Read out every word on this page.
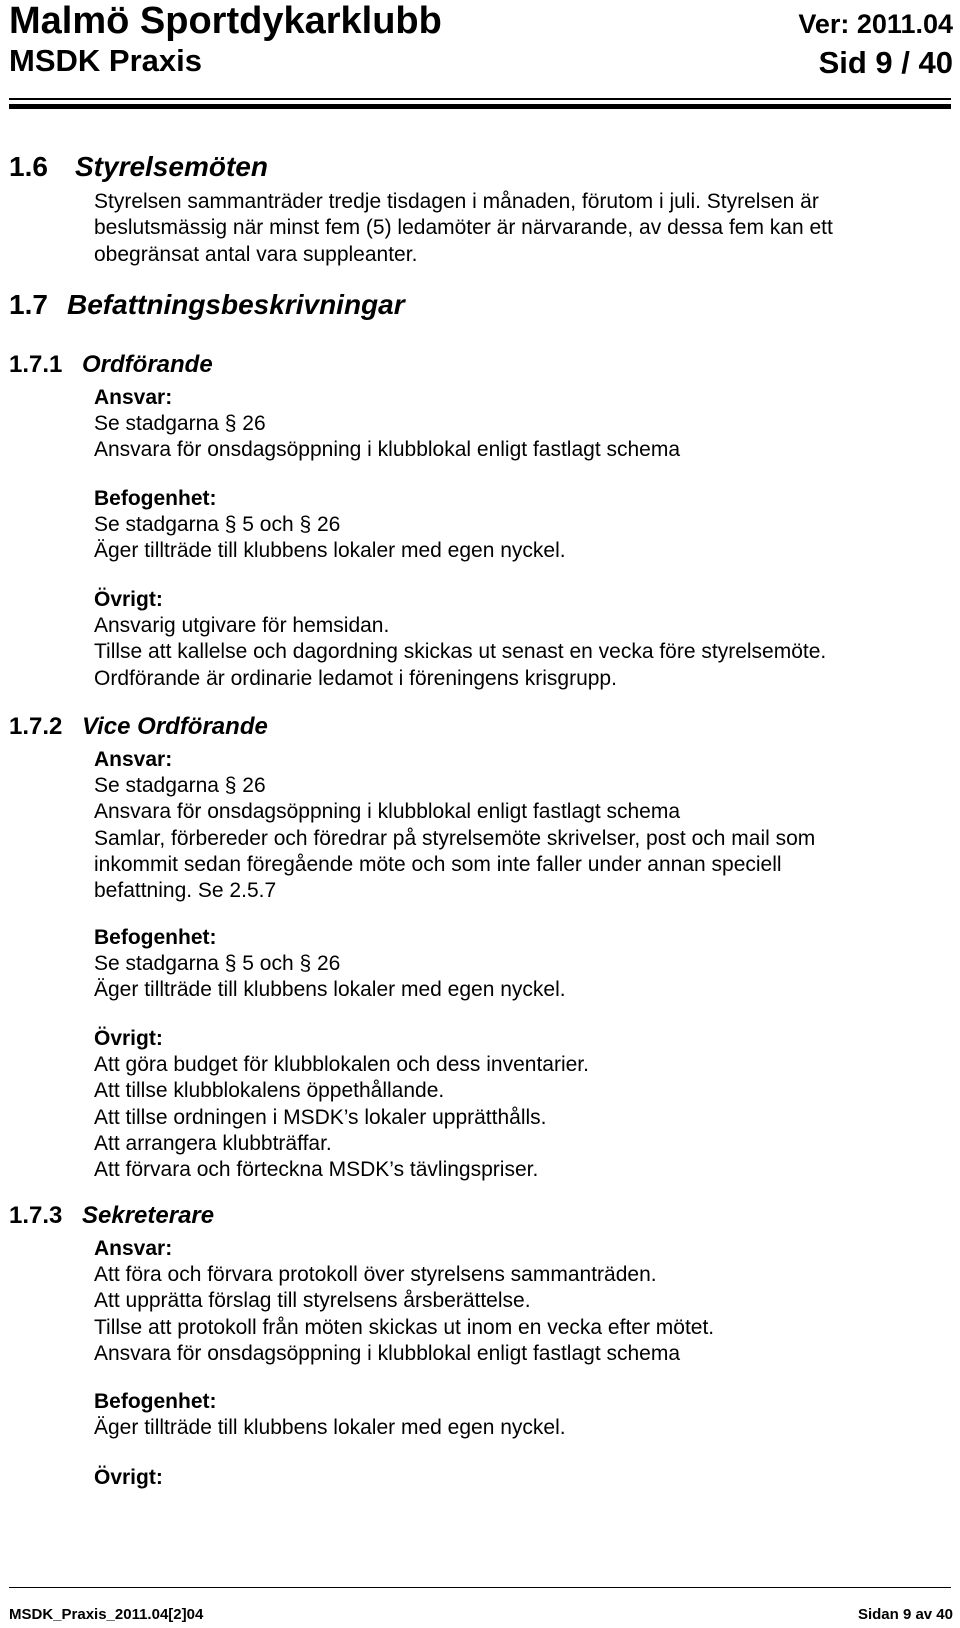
Malmö Sportdykarklubb
MSDK Praxis
Ver: 2011.04
Sid 9 / 40
1.6 Styrelsemöten
Styrelsen sammanträder tredje tisdagen i månaden, förutom i juli. Styrelsen är
beslutsmässig när minst fem (5) ledamöter är närvarande, av dessa fem kan ett
obegränsat antal vara suppleanter.
1.7 Befattningsbeskrivningar
1.7.1 Ordförande
Ansvar:
Se stadgarna § 26
Ansvara för onsdagsöppning i klubblokal enligt fastlagt schema
Befogenhet:
Se stadgarna § 5 och § 26
Äger tillträde till klubbens lokaler med egen nyckel.
Övrigt:
Ansvarig utgivare för hemsidan.
Tillse att kallelse och dagordning skickas ut senast en vecka före styrelsemöte.
Ordförande är ordinarie ledamot i föreningens krisgrupp.
1.7.2 Vice Ordförande
Ansvar:
Se stadgarna § 26
Ansvara för onsdagsöppning i klubblokal enligt fastlagt schema
Samlar, förbereder och föredrar på styrelsemöte skrivelser, post och mail som
inkommit sedan föregående möte och som inte faller under annan speciell
befattning. Se 2.5.7
Befogenhet:
Se stadgarna § 5 och § 26
Äger tillträde till klubbens lokaler med egen nyckel.
Övrigt:
Att göra budget för klubblokalen och dess inventarier.
Att tillse klubblokalens öppethållande.
Att tillse ordningen i MSDK’s lokaler upprätthålls.
Att arrangera klubbträffar.
Att förvara och förteckna MSDK’s tävlingspriser.
1.7.3 Sekreterare
Ansvar:
Att föra och förvara protokoll över styrelsens sammanträden.
Att upprätta förslag till styrelsens årsberättelse.
Tillse att protokoll från möten skickas ut inom en vecka efter mötet.
Ansvara för onsdagsöppning i klubblokal enligt fastlagt schema
Befogenhet:
Äger tillträde till klubbens lokaler med egen nyckel.
Övrigt:
MSDK_Praxis_2011.04[2]04	Sidan 9 av 40
